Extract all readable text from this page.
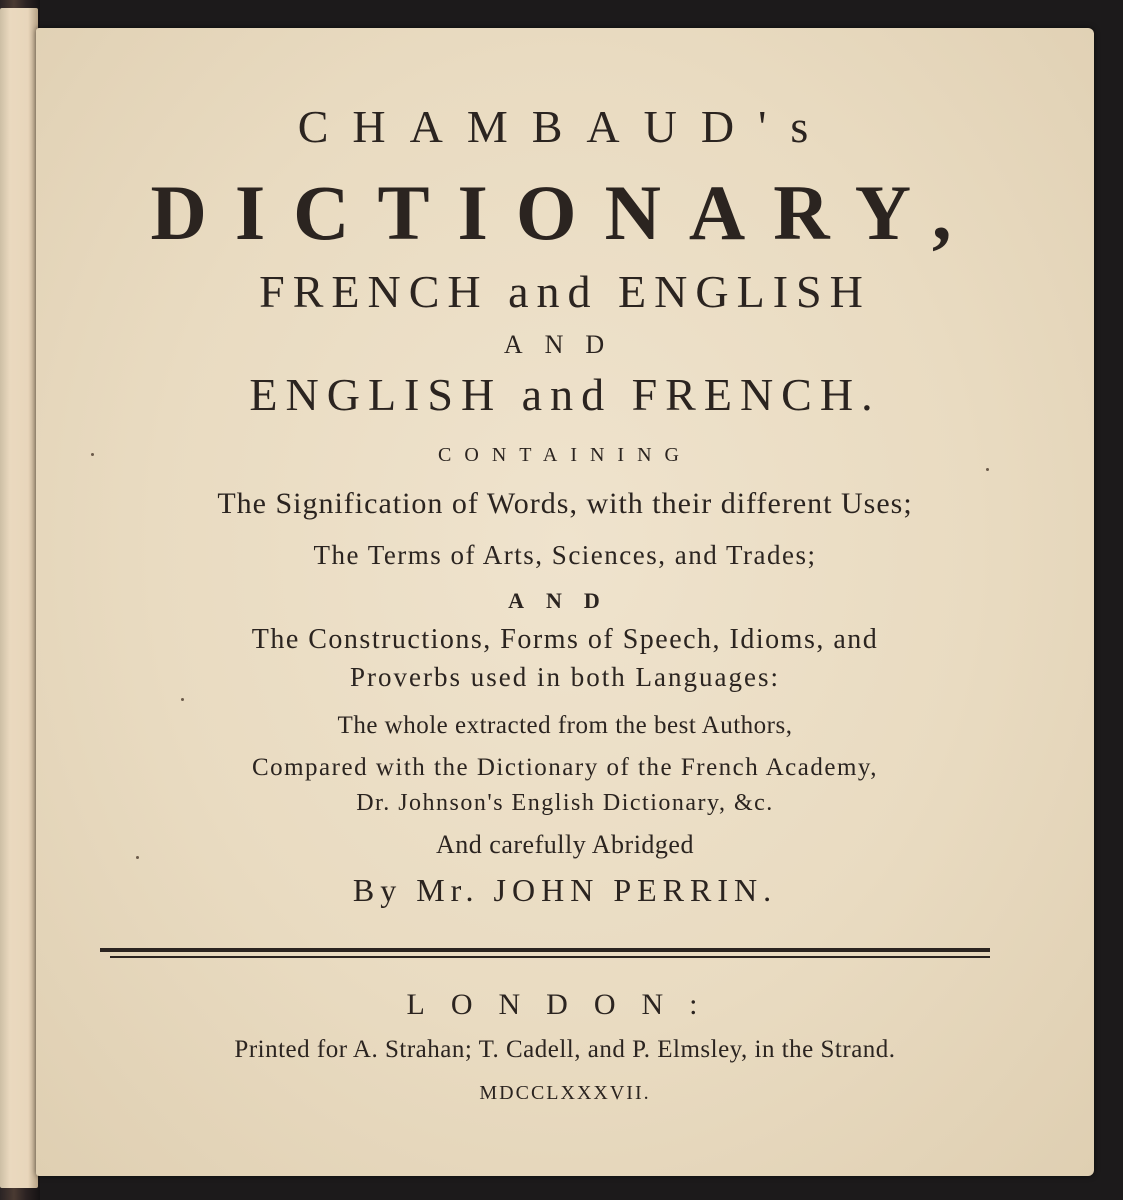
CHAMBAUD's
DICTIONARY,
FRENCH and ENGLISH
AND
ENGLISH and FRENCH.
CONTAINING
The Signification of Words, with their different Uses;
The Terms of Arts, Sciences, and Trades;
AND
The Constructions, Forms of Speech, Idioms, and
Proverbs used in both Languages:
The whole extracted from the best Authors,
Compared with the Dictionary of the French Academy,
Dr. Johnson's English Dictionary, &c.
And carefully Abridged
By Mr. JOHN PERRIN.
LONDON:
Printed for A. Strahan; T. Cadell, and P. Elmsley, in the Strand.
MDCCLXXXVII.
